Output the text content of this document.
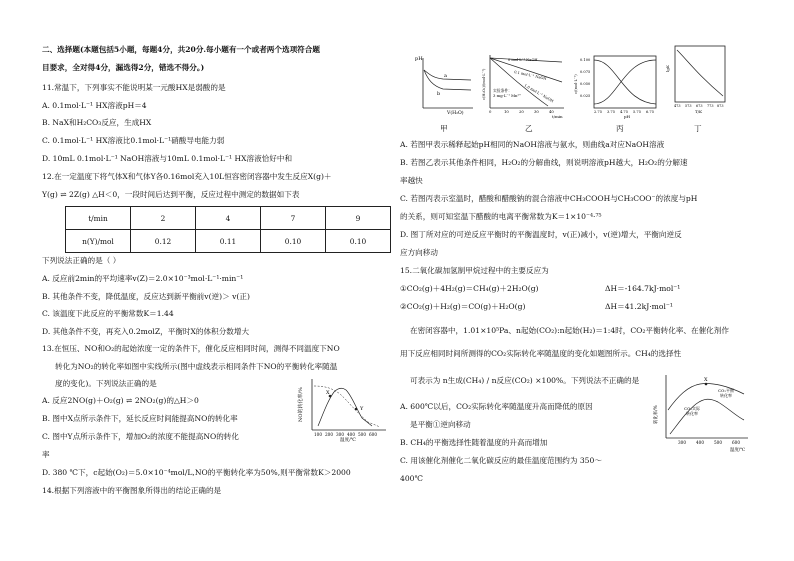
二、选择题(本题包括5小题，每题4分，共20分.每小题有一个或者两个选项符合题
目要求，全对得4分，漏选得2分，错选不得分。)
11.常温下，下列事实不能说明某一元酸HX是弱酸的是
A. 0.1mol·L⁻¹ HX溶液pH＝4
B. NaX和H₂CO₃反应，生成HX
C. 0.1mol·L⁻¹ HX溶液比0.1mol·L⁻¹硝酸导电能力弱
D. 10mL 0.1mol·L⁻¹ NaOH溶液与10mL 0.1mol·L⁻¹ HX溶液恰好中和
12.在一定温度下将气体X和气体Y各0.16mol充入10L恒容密闭容器中发生反应X(g)＋
Y(g) ⇌ 2Z(g) △H＜0，一段时间后达到平衡，反应过程中测定的数据如下表
t/min	2	4	7	9
n(Y)/mol	0.12	0.11	0.10	0.10
下列说法正确的是（ ）
A. 反应前2min的平均速率v(Z)＝2.0×10⁻³mol·L⁻¹·min⁻¹
B. 其他条件不变，降低温度，反应达到新平衡前v(逆)＞ v(正)
C. 该温度下此反应的平衡常数K＝1.44
D. 其他条件不变，再充入0.2molZ，平衡时X的体积分数增大
13.在恒压、NO和O₂的起始浓度一定的条件下，催化反应相同时间，测得不同温度下NO
转化为NO₂的转化率如图中实线所示(图中虚线表示相同条件下NO的平衡转化率随温
度的变化)。下列说法正确的是
A. 反应2NO(g)＋O₂(g) ⇌ 2NO₂(g)的△H＞0
B. 图中X点所示条件下，延长反应时间能提高NO的转化率
C. 图中Y点所示条件下，增加O₂的浓度不能提高NO的转化
率
D. 380 ℃下，c起始(O₂)＝5.0×10⁻⁴mol/L,NO的平衡转化率为50%,则平衡常数K＞2000
14.根据下列溶液中的平衡图象所得出的结论正确的是
X
Y
NO的转化率/%
100 200 300 400 500 600
温度/℃
pH
a
b
V(H₂O)
0 mol·L⁻¹ NaOH
0.1 mol·L⁻¹ NaOH
1.0 mol·L⁻¹ NaOH
实验条件：
3 mg·L⁻¹ Mn²⁺
c(H₂O₂)/(mol·L⁻¹)
0	10	20	30	40
t/min
0.100
0.075
0.050
0.025
c/(mol·L⁻¹)
2.75 3.75 4.75 5.75 6.75
pH
lgK
473 573 673 773 873
T/K
甲	乙	丙	丁
A. 若图甲表示稀释起始pH相同的NaOH溶液与氨水，则曲线a对应NaOH溶液
B. 若图乙表示其他条件相同，H₂O₂的分解曲线，则说明溶液pH越大，H₂O₂的分解速
率越快
C. 若图丙表示室温时，醋酸和醋酸钠的混合溶液中CH₃COOH与CH₃COO⁻的浓度与pH
的关系，则可知室温下醋酸的电离平衡常数为K＝1×10⁻⁴·⁷⁵
D. 图丁所对应的可逆反应平衡时的平衡温度时，v(正)减小，v(逆)增大，平衡向逆反
应方向移动
15.二氧化碳加氢制甲烷过程中的主要反应为
①CO₂(g)＋4H₂(g)＝CH₄(g)＋2H₂O(g)	ΔH＝-164.7kJ·mol⁻¹
②CO₂(g)＋H₂(g)＝CO(g)＋H₂O(g)	ΔH＝41.2kJ·mol⁻¹
在密闭容器中，1.01×10⁵Pa、n起始(CO₂):n起始(H₂)＝1:4时，CO₂平衡转化率、在催化剂作
用下反应相同时间所测得的CO₂实际转化率随温度的变化如题图所示。CH₄的选择性
可表示为 n生成(CH₄) / n反应(CO₂) ×100%。下列说法不正确的是
A. 600℃以后，CO₂实际转化率随温度升高而降低的原因
是平衡①逆向移动
B. CH₄的平衡选择性随着温度的升高而增加
C. 用该催化剂催化二氧化碳反应的最佳温度范围约为 350～
400℃
X
CO₂平衡
转化率
CO₂实际
转化率
转化率/%
300 400 500 600
温度/℃
